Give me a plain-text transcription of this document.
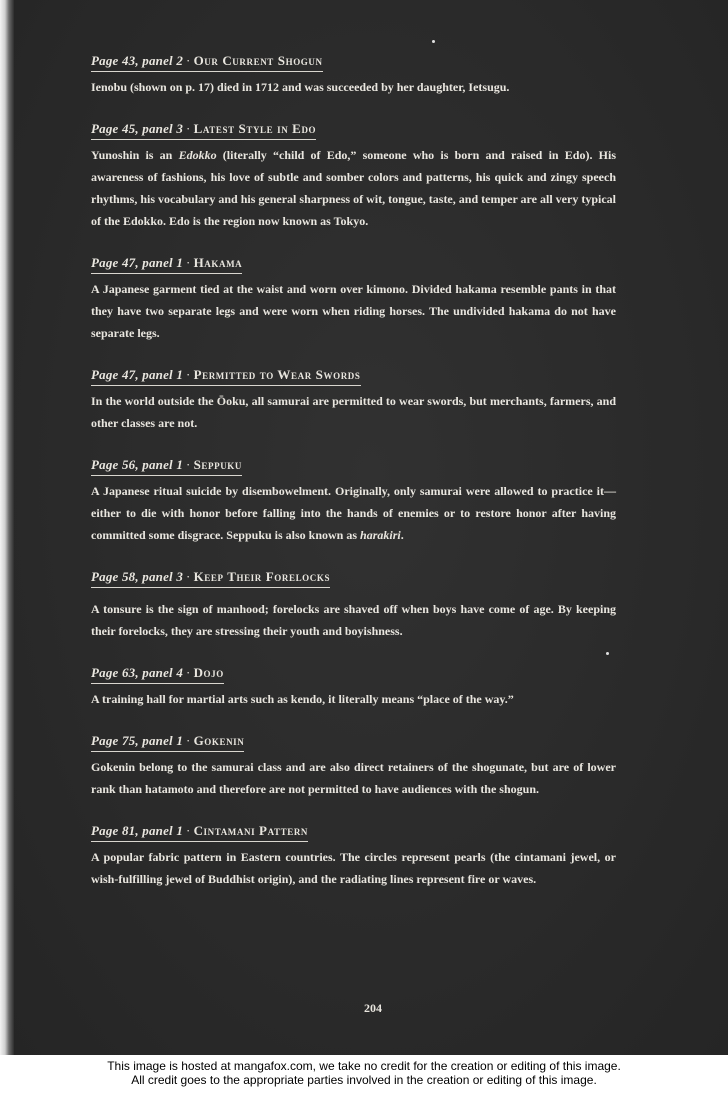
Page 43, panel 2 · Our Current Shogun

Ienobu (shown on p. 17) died in 1712 and was succeeded by her daughter, Ietsugu.

Page 45, panel 3 · Latest Style in Edo

Yunoshin is an Edokko (literally “child of Edo,” someone who is born and raised in Edo). His awareness of fashions, his love of subtle and somber colors and patterns, his quick and zingy speech rhythms, his vocabulary and his general sharpness of wit, tongue, taste, and temper are all very typical of the Edokko. Edo is the region now known as Tokyo.

Page 47, panel 1 · Hakama

A Japanese garment tied at the waist and worn over kimono. Divided hakama resemble pants in that they have two separate legs and were worn when riding horses. The undivided hakama do not have separate legs.

Page 47, panel 1 · Permitted to Wear Swords

In the world outside the Ōoku, all samurai are permitted to wear swords, but merchants, farmers, and other classes are not.

Page 56, panel 1 · Seppuku

A Japanese ritual suicide by disembowelment. Originally, only samurai were allowed to practice it—either to die with honor before falling into the hands of enemies or to restore honor after having committed some disgrace. Seppuku is also known as harakiri.

Page 58, panel 3 · Keep Their Forelocks

A tonsure is the sign of manhood; forelocks are shaved off when boys have come of age. By keeping their forelocks, they are stressing their youth and boyishness.

Page 63, panel 4 · Dojo

A training hall for martial arts such as kendo, it literally means “place of the way.”

Page 75, panel 1 · Gokenin

Gokenin belong to the samurai class and are also direct retainers of the shogunate, but are of lower rank than hatamoto and therefore are not permitted to have audiences with the shogun.

Page 81, panel 1 · Cintamani Pattern

A popular fabric pattern in Eastern countries. The circles represent pearls (the cintamani jewel, or wish-fulfilling jewel of Buddhist origin), and the radiating lines represent fire or waves.

204
This image is hosted at mangafox.com, we take no credit for the creation or editing of this image.
All credit goes to the appropriate parties involved in the creation or editing of this image.
